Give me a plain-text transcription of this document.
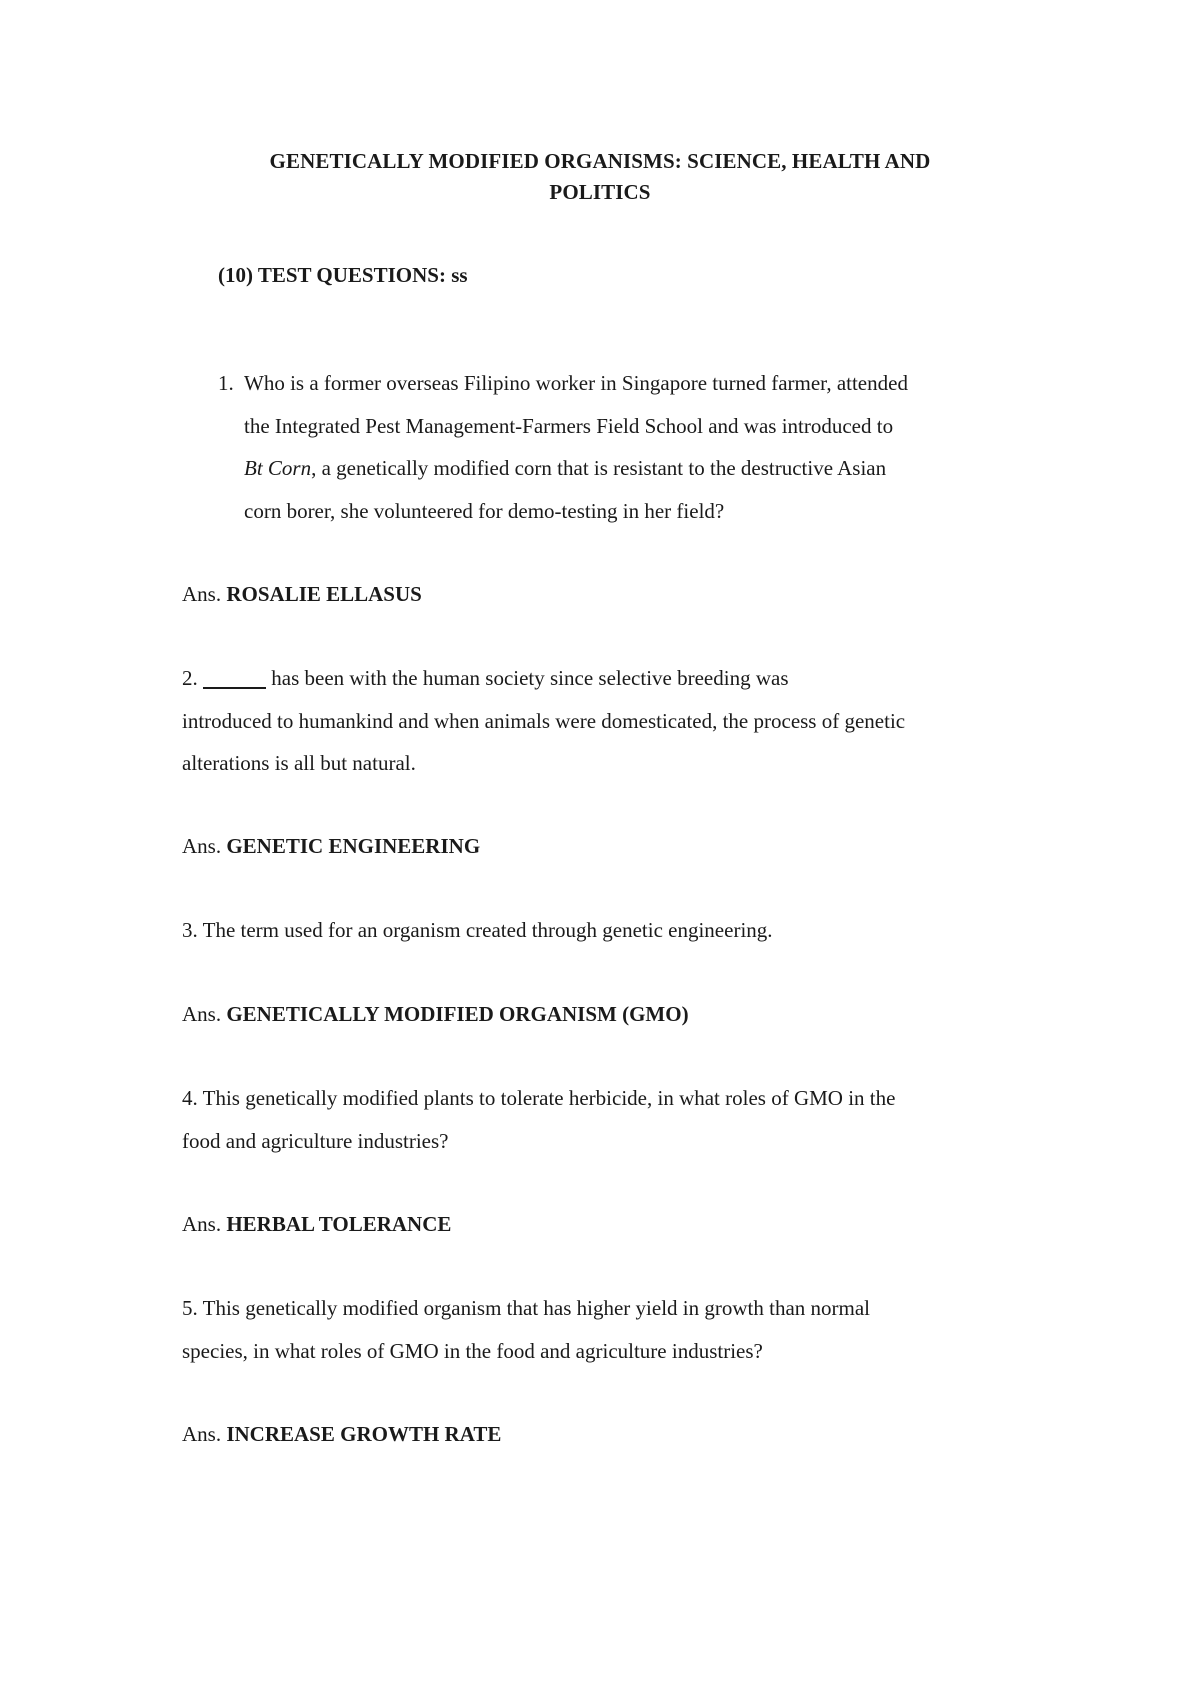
GENETICALLY MODIFIED ORGANISMS: SCIENCE, HEALTH AND
POLITICS
(10) TEST QUESTIONS: ss
1. Who is a former overseas Filipino worker in Singapore turned farmer, attended
the Integrated Pest Management-Farmers Field School and was introduced to
Bt Corn, a genetically modified corn that is resistant to the destructive Asian
corn borer, she volunteered for demo-testing in her field?
Ans. ROSALIE ELLASUS
2.	has been with the human society since selective breeding was
introduced to humankind and when animals were domesticated, the process of genetic
alterations is all but natural.
Ans. GENETIC ENGINEERING
3. The term used for an organism created through genetic engineering.
Ans. GENETICALLY MODIFIED ORGANISM (GMO)
4. This genetically modified plants to tolerate herbicide, in what roles of GMO in the
food and agriculture industries?
Ans. HERBAL TOLERANCE
5. This genetically modified organism that has higher yield in growth than normal
species, in what roles of GMO in the food and agriculture industries?
Ans. INCREASE GROWTH RATE
